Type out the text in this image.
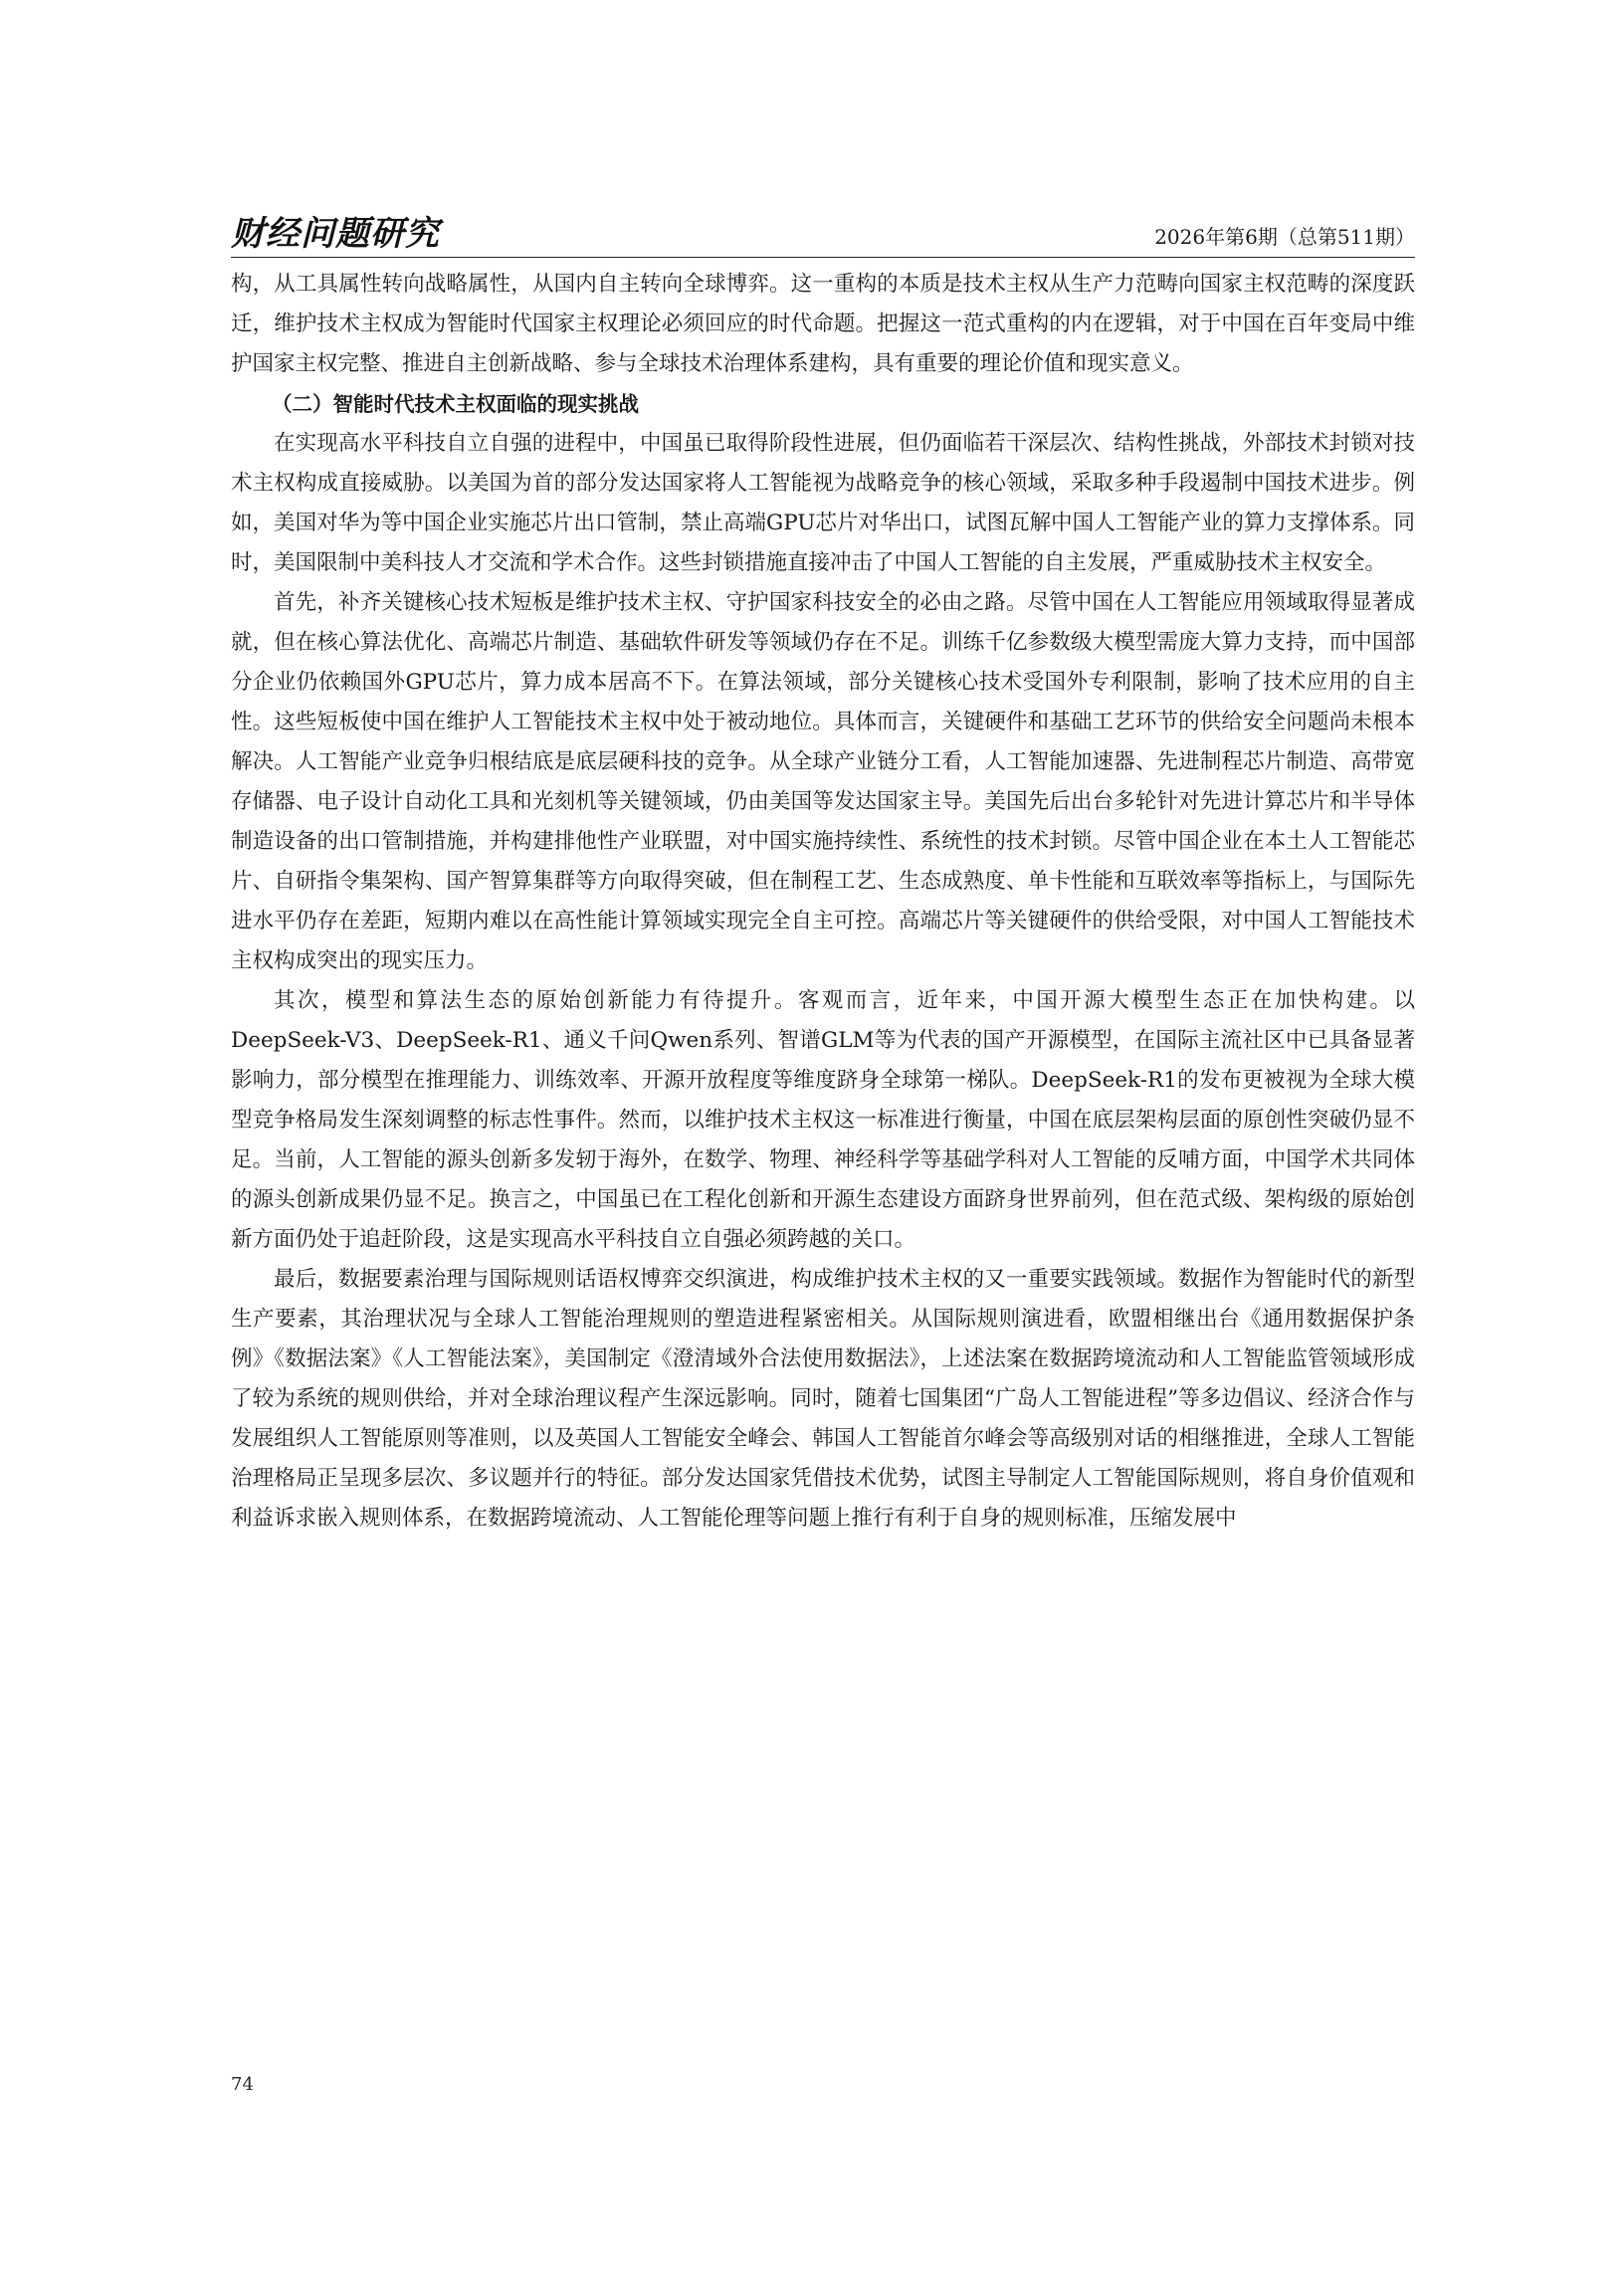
财经问题研究	2026年第6期（总第511期）

构，从工具属性转向战略属性，从国内自主转向全球博弈。这一重构的本质是技术主权从生产力范畴向国家主权范畴的深度跃迁，维护技术主权成为智能时代国家主权理论必须回应的时代命题。把握这一范式重构的内在逻辑，对于中国在百年变局中维护国家主权完整、推进自主创新战略、参与全球技术治理体系建构，具有重要的理论价值和现实意义。

（二）智能时代技术主权面临的现实挑战

在实现高水平科技自立自强的进程中，中国虽已取得阶段性进展，但仍面临若干深层次、结构性挑战，外部技术封锁对技术主权构成直接威胁。以美国为首的部分发达国家将人工智能视为战略竞争的核心领域，采取多种手段遏制中国技术进步。例如，美国对华为等中国企业实施芯片出口管制，禁止高端GPU芯片对华出口，试图瓦解中国人工智能产业的算力支撑体系。同时，美国限制中美科技人才交流和学术合作。这些封锁措施直接冲击了中国人工智能的自主发展，严重威胁技术主权安全。

首先，补齐关键核心技术短板是维护技术主权、守护国家科技安全的必由之路。尽管中国在人工智能应用领域取得显著成就，但在核心算法优化、高端芯片制造、基础软件研发等领域仍存在不足。训练千亿参数级大模型需庞大算力支持，而中国部分企业仍依赖国外GPU芯片，算力成本居高不下。在算法领域，部分关键核心技术受国外专利限制，影响了技术应用的自主性。这些短板使中国在维护人工智能技术主权中处于被动地位。具体而言，关键硬件和基础工艺环节的供给安全问题尚未根本解决。人工智能产业竞争归根结底是底层硬科技的竞争。从全球产业链分工看，人工智能加速器、先进制程芯片制造、高带宽存储器、电子设计自动化工具和光刻机等关键领域，仍由美国等发达国家主导。美国先后出台多轮针对先进计算芯片和半导体制造设备的出口管制措施，并构建排他性产业联盟，对中国实施持续性、系统性的技术封锁。尽管中国企业在本土人工智能芯片、自研指令集架构、国产智算集群等方向取得突破，但在制程工艺、生态成熟度、单卡性能和互联效率等指标上，与国际先进水平仍存在差距，短期内难以在高性能计算领域实现完全自主可控。高端芯片等关键硬件的供给受限，对中国人工智能技术主权构成突出的现实压力。

其次，模型和算法生态的原始创新能力有待提升。客观而言，近年来，中国开源大模型生态正在加快构建。以DeepSeek-V3、DeepSeek-R1、通义千问Qwen系列、智谱GLM等为代表的国产开源模型，在国际主流社区中已具备显著影响力，部分模型在推理能力、训练效率、开源开放程度等维度跻身全球第一梯队。DeepSeek-R1的发布更被视为全球大模型竞争格局发生深刻调整的标志性事件。然而，以维护技术主权这一标准进行衡量，中国在底层架构层面的原创性突破仍显不足。当前，人工智能的源头创新多发轫于海外，在数学、物理、神经科学等基础学科对人工智能的反哺方面，中国学术共同体的源头创新成果仍显不足。换言之，中国虽已在工程化创新和开源生态建设方面跻身世界前列，但在范式级、架构级的原始创新方面仍处于追赶阶段，这是实现高水平科技自立自强必须跨越的关口。

最后，数据要素治理与国际规则话语权博弈交织演进，构成维护技术主权的又一重要实践领域。数据作为智能时代的新型生产要素，其治理状况与全球人工智能治理规则的塑造进程紧密相关。从国际规则演进看，欧盟相继出台《通用数据保护条例》《数据法案》《人工智能法案》，美国制定《澄清域外合法使用数据法》，上述法案在数据跨境流动和人工智能监管领域形成了较为系统的规则供给，并对全球治理议程产生深远影响。同时，随着七国集团“广岛人工智能进程”等多边倡议、经济合作与发展组织人工智能原则等准则，以及英国人工智能安全峰会、韩国人工智能首尔峰会等高级别对话的相继推进，全球人工智能治理格局正呈现多层次、多议题并行的特征。部分发达国家凭借技术优势，试图主导制定人工智能国际规则，将自身价值观和利益诉求嵌入规则体系，在数据跨境流动、人工智能伦理等问题上推行有利于自身的规则标准，压缩发展中

74
